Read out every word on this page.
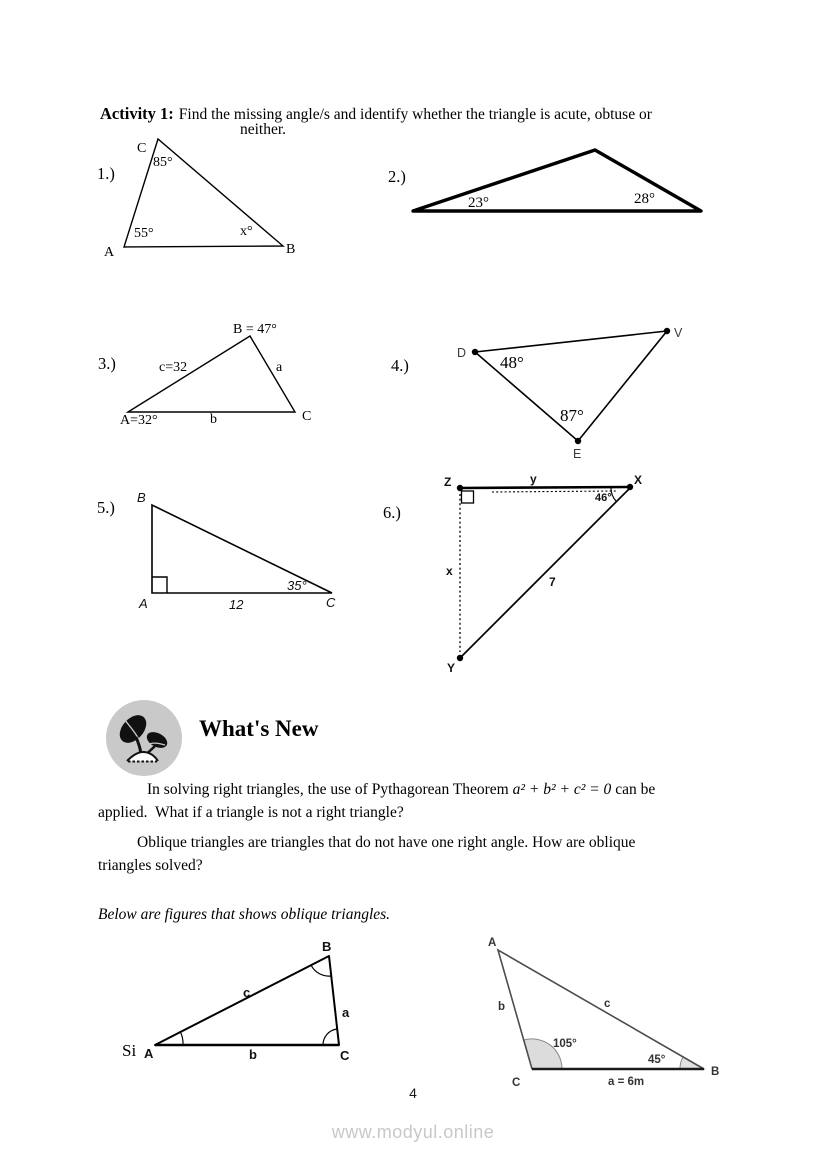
Activity 1: Find the missing angle/s and identify whether the triangle is acute, obtuse or
neither.
1.)
C
85°
55°	x°
A	B
2.)
23°	28°
3.)
B = 47°
c=32	a
A=32°	b	C
4.)
D
V
E
48°
87°
5.)
B
A	C
12
35°
6.)
Z	y	X
46°
x
7
Y
Si A
B
C
c
a
b
A
b	c
105°
45°
C
B
a = 6m
What's New

In solving right triangles, the use of Pythagorean Theorem a² + b² + c² = 0 can be
applied.  What if a triangle is not a right triangle?

Oblique triangles are triangles that do not have one right angle. How are oblique
triangles solved?

Below are figures that shows oblique triangles.
4
www.modyul.online
